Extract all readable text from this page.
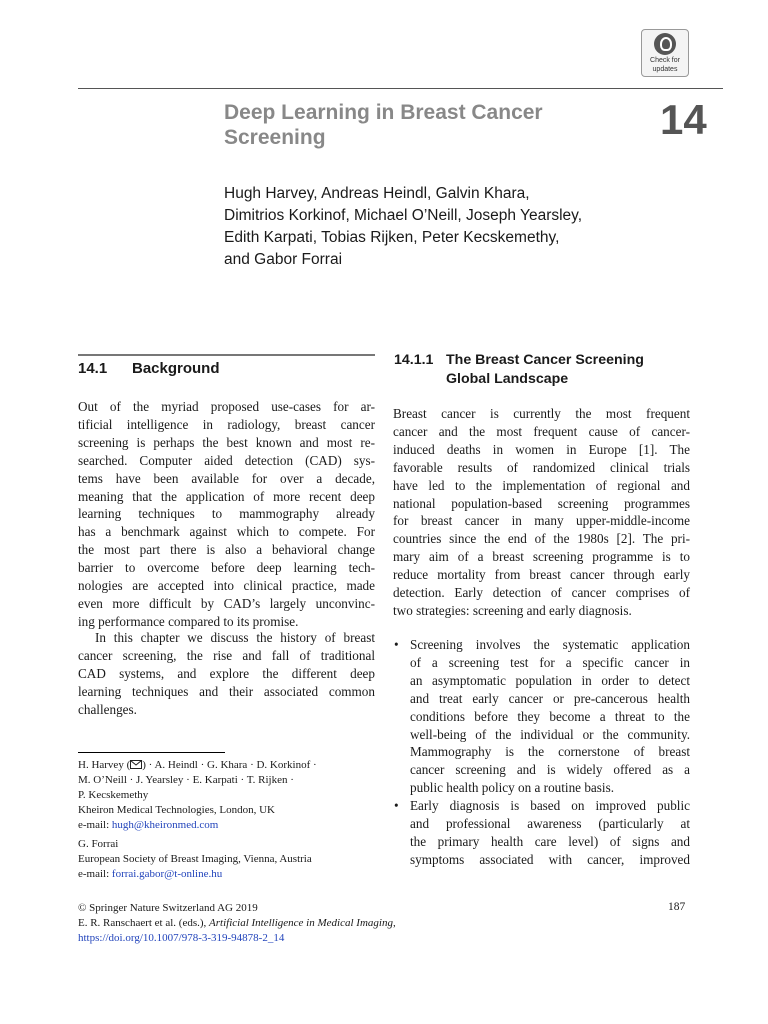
Check for
updates
Deep Learning in Breast Cancer
Screening	14
Hugh Harvey, Andreas Heindl, Galvin Khara,
Dimitrios Korkinof, Michael O’Neill, Joseph Yearsley,
Edith Karpati, Tobias Rijken, Peter Kecskemethy,
and Gabor Forrai
14.1 Background
Out of the myriad proposed use-cases for ar-
tificial intelligence in radiology, breast cancer
screening is perhaps the best known and most re-
searched. Computer aided detection (CAD) sys-
tems have been available for over a decade,
meaning that the application of more recent deep
learning techniques to mammography already
has a benchmark against which to compete. For
the most part there is also a behavioral change
barrier to overcome before deep learning tech-
nologies are accepted into clinical practice, made
even more difficult by CAD’s largely unconvinc-
ing performance compared to its promise.
In this chapter we discuss the history of breast
cancer screening, the rise and fall of traditional
CAD systems, and explore the different deep
learning techniques and their associated common
challenges.
H. Harvey ( ) · A. Heindl · G. Khara · D. Korkinof ·
M. O’Neill · J. Yearsley · E. Karpati · T. Rijken ·
P. Kecskemethy
Kheiron Medical Technologies, London, UK
e-mail: hugh@kheironmed.com
G. Forrai
European Society of Breast Imaging, Vienna, Austria
e-mail: forrai.gabor@t-online.hu
14.1.1 The Breast Cancer Screening
Global Landscape
Breast cancer is currently the most frequent
cancer and the most frequent cause of cancer-
induced deaths in women in Europe [1]. The
favorable results of randomized clinical trials
have led to the implementation of regional and
national population-based screening programmes
for breast cancer in many upper-middle-income
countries since the end of the 1980s [2]. The pri-
mary aim of a breast screening programme is to
reduce mortality from breast cancer through early
detection. Early detection of cancer comprises of
two strategies: screening and early diagnosis.
• Screening involves the systematic application
of a screening test for a specific cancer in
an asymptomatic population in order to detect
and treat early cancer or pre-cancerous health
conditions before they become a threat to the
well-being of the individual or the community.
Mammography is the cornerstone of breast
cancer screening and is widely offered as a
public health policy on a routine basis.
• Early diagnosis is based on improved public
and professional awareness (particularly at
the primary health care level) of signs and
symptoms associated with cancer, improved
© Springer Nature Switzerland AG 2019
E. R. Ranschaert et al. (eds.), Artificial Intelligence in Medical Imaging,
https://doi.org/10.1007/978-3-319-94878-2_14
187
